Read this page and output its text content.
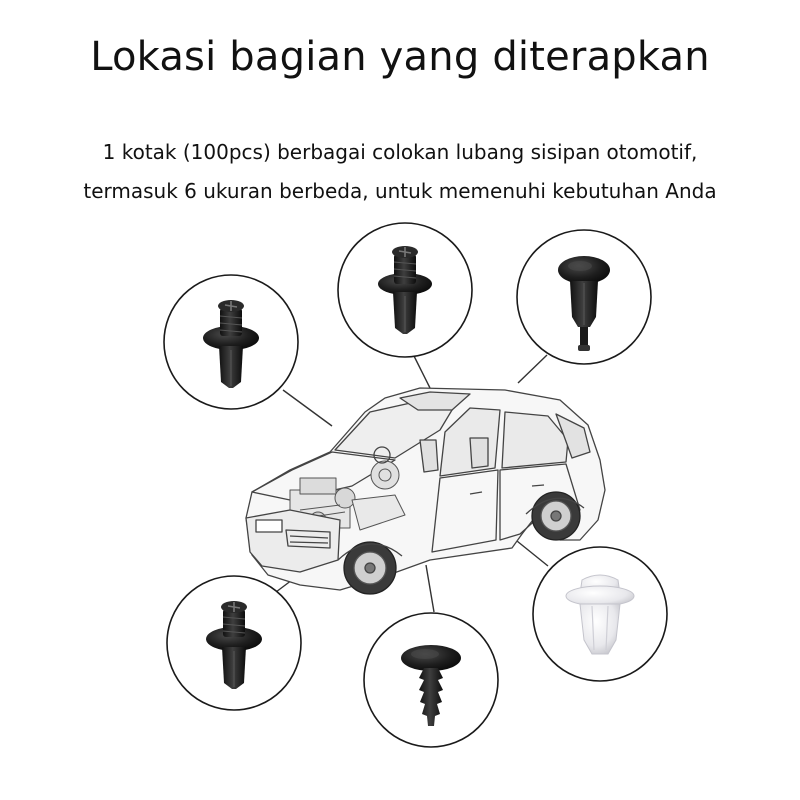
Lokasi bagian yang diterapkan
1 kotak (100pcs) berbagai colokan lubang sisipan otomotif,
termasuk 6 ukuran berbeda, untuk memenuhi kebutuhan Anda
